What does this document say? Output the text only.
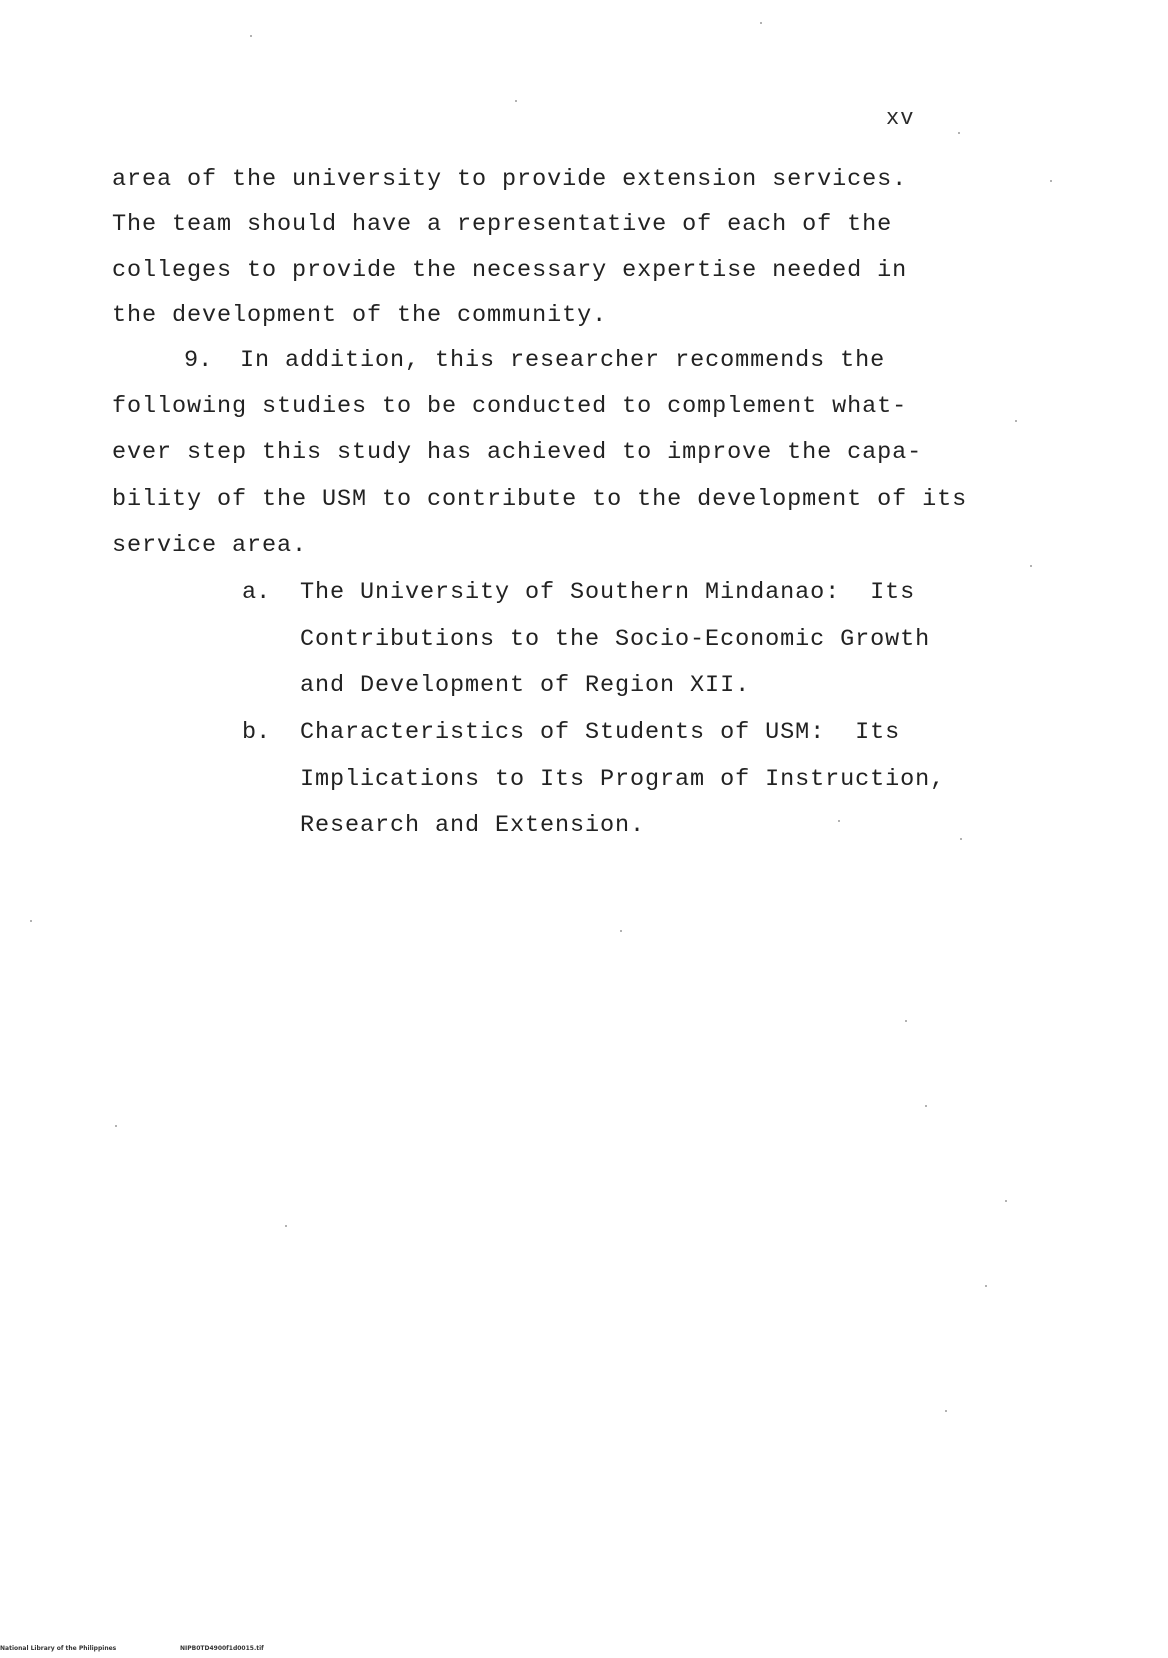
xv
area of the university to provide extension services.
The team should have a representative of each of the
colleges to provide the necessary expertise needed in
the development of the community.
9. In addition, this researcher recommends the
following studies to be conducted to complement what-
ever step this study has achieved to improve the capa-
bility of the USM to contribute to the development of its
service area.
a. The University of Southern Mindanao:  Its
Contributions to the Socio-Economic Growth
and Development of Region XII.
b. Characteristics of Students of USM:  Its
Implications to Its Program of Instruction,
Research and Extension.
National Library of the Philippines	NIPB0TD4900f1d0015.tif
